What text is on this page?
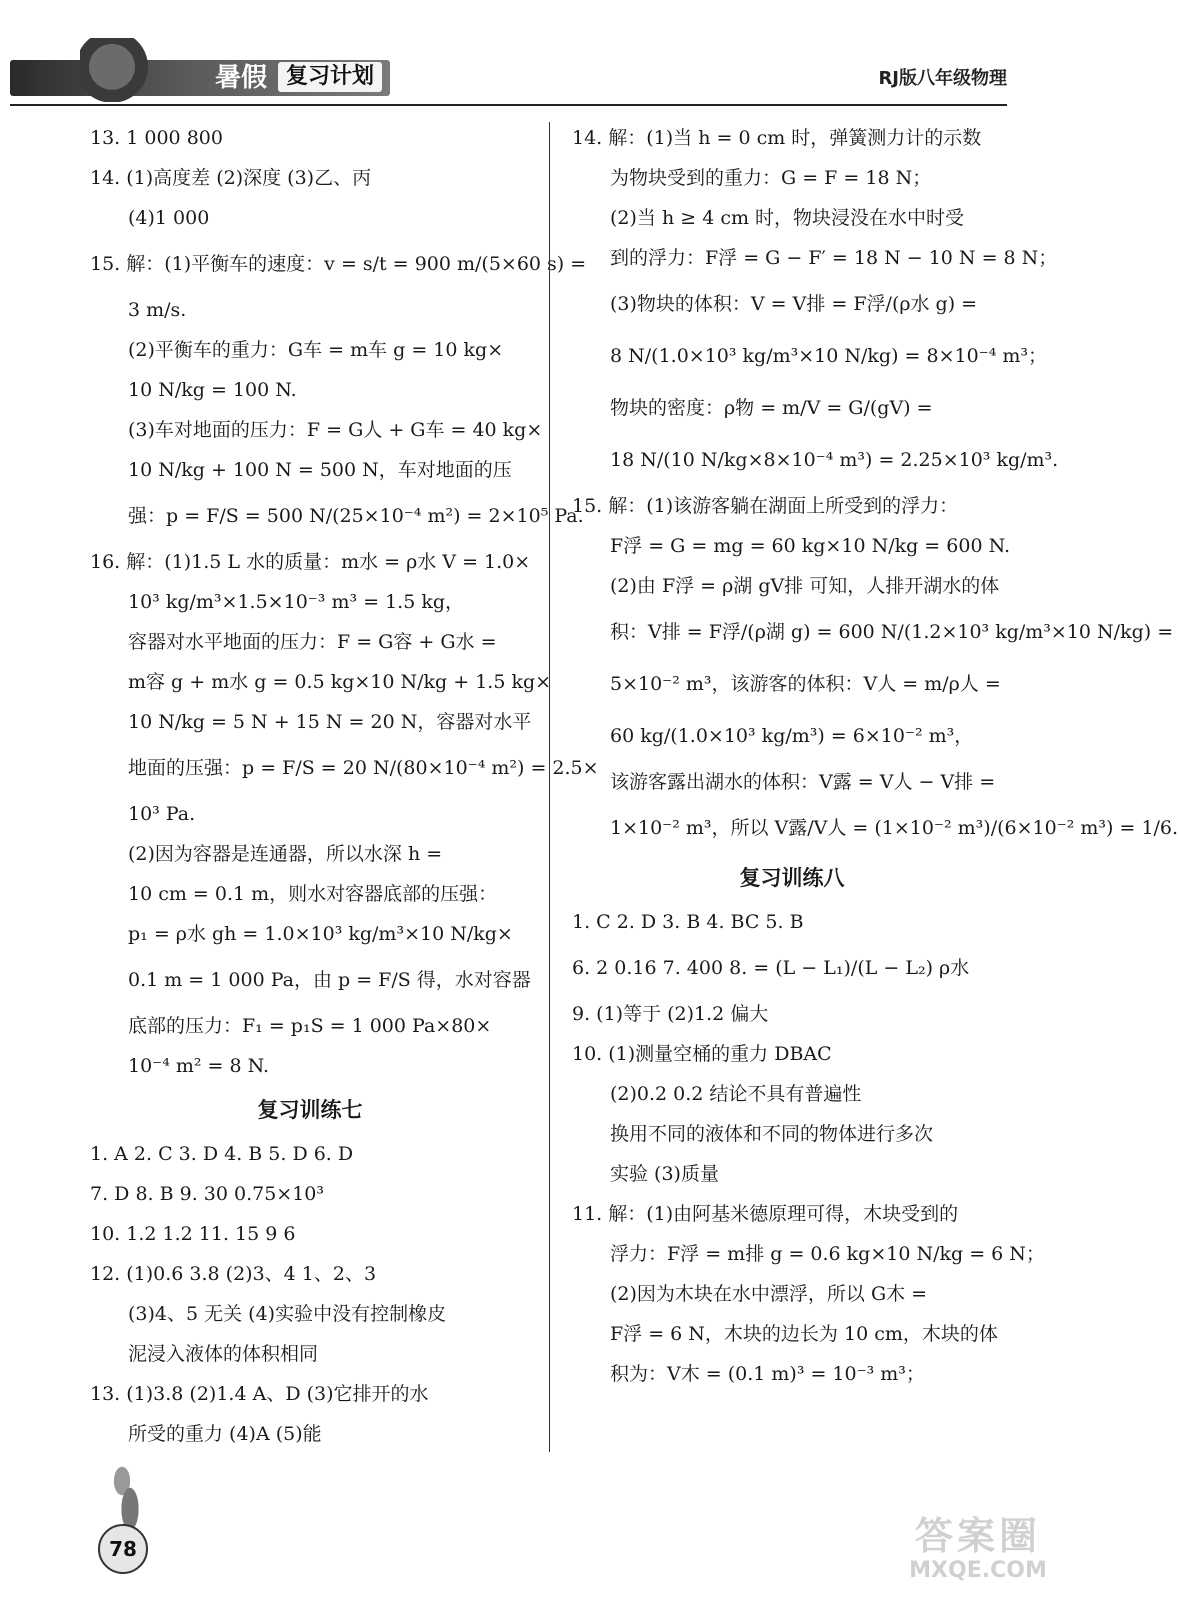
暑假 复习计划	RJ版八年级物理
13. 1 000 800
14. (1)高度差 (2)深度 (3)乙、丙
(4)1 000
15. 解：(1)平衡车的速度：v = s/t = 900 m/(5×60 s) =
3 m/s.
(2)平衡车的重力：G车 = m车 g = 10 kg×
10 N/kg = 100 N.
(3)车对地面的压力：F = G人 + G车 = 40 kg×
10 N/kg + 100 N = 500 N，车对地面的压
强：p = F/S = 500 N/(25×10⁻⁴ m²) = 2×10⁵ Pa.
16. 解：(1)1.5 L 水的质量：m水 = ρ水 V = 1.0×
10³ kg/m³×1.5×10⁻³ m³ = 1.5 kg，
容器对水平地面的压力：F = G容 + G水 =
m容 g + m水 g = 0.5 kg×10 N/kg + 1.5 kg×
10 N/kg = 5 N + 15 N = 20 N，容器对水平
地面的压强：p = F/S = 20 N/(80×10⁻⁴ m²) = 2.5×
10³ Pa.
(2)因为容器是连通器，所以水深 h =
10 cm = 0.1 m，则水对容器底部的压强：
p₁ = ρ水 gh = 1.0×10³ kg/m³×10 N/kg×
0.1 m = 1 000 Pa，由 p = F/S 得，水对容器
底部的压力：F₁ = p₁S = 1 000 Pa×80×
10⁻⁴ m² = 8 N.
复习训练七
1. A 2. C 3. D 4. B 5. D 6. D
7. D 8. B 9. 30 0.75×10³
10. 1.2 1.2 11. 15 9 6
12. (1)0.6 3.8 (2)3、4 1、2、3
(3)4、5 无关 (4)实验中没有控制橡皮
泥浸入液体的体积相同
13. (1)3.8 (2)1.4 A、D (3)它排开的水
所受的重力 (4)A (5)能
14. 解：(1)当 h = 0 cm 时，弹簧测力计的示数
为物块受到的重力：G = F = 18 N；
(2)当 h ≥ 4 cm 时，物块浸没在水中时受
到的浮力：F浮 = G − F′ = 18 N − 10 N = 8 N；
(3)物块的体积：V = V排 = F浮/(ρ水 g) =
8 N/(1.0×10³ kg/m³×10 N/kg) = 8×10⁻⁴ m³；
物块的密度：ρ物 = m/V = G/(gV) =
18 N/(10 N/kg×8×10⁻⁴ m³) = 2.25×10³ kg/m³.
15. 解：(1)该游客躺在湖面上所受到的浮力：
F浮 = G = mg = 60 kg×10 N/kg = 600 N.
(2)由 F浮 = ρ湖 gV排 可知，人排开湖水的体
积：V排 = F浮/(ρ湖 g) = 600 N/(1.2×10³ kg/m³×10 N/kg) =
5×10⁻² m³，该游客的体积：V人 = m/ρ人 =
60 kg/(1.0×10³ kg/m³) = 6×10⁻² m³，
该游客露出湖水的体积：V露 = V人 − V排 =
1×10⁻² m³，所以 V露/V人 = (1×10⁻² m³)/(6×10⁻² m³) = 1/6.
复习训练八
1. C 2. D 3. B 4. BC 5. B
6. 2 0.16 7. 400 8. = (L − L₁)/(L − L₂) ρ水
9. (1)等于 (2)1.2 偏大
10. (1)测量空桶的重力 DBAC
(2)0.2 0.2 结论不具有普遍性
换用不同的液体和不同的物体进行多次
实验 (3)质量
11. 解：(1)由阿基米德原理可得，木块受到的
浮力：F浮 = m排 g = 0.6 kg×10 N/kg = 6 N；
(2)因为木块在水中漂浮，所以 G木 =
F浮 = 6 N，木块的边长为 10 cm，木块的体
积为：V木 = (0.1 m)³ = 10⁻³ m³；
78	答案圈
MXQE.COM
